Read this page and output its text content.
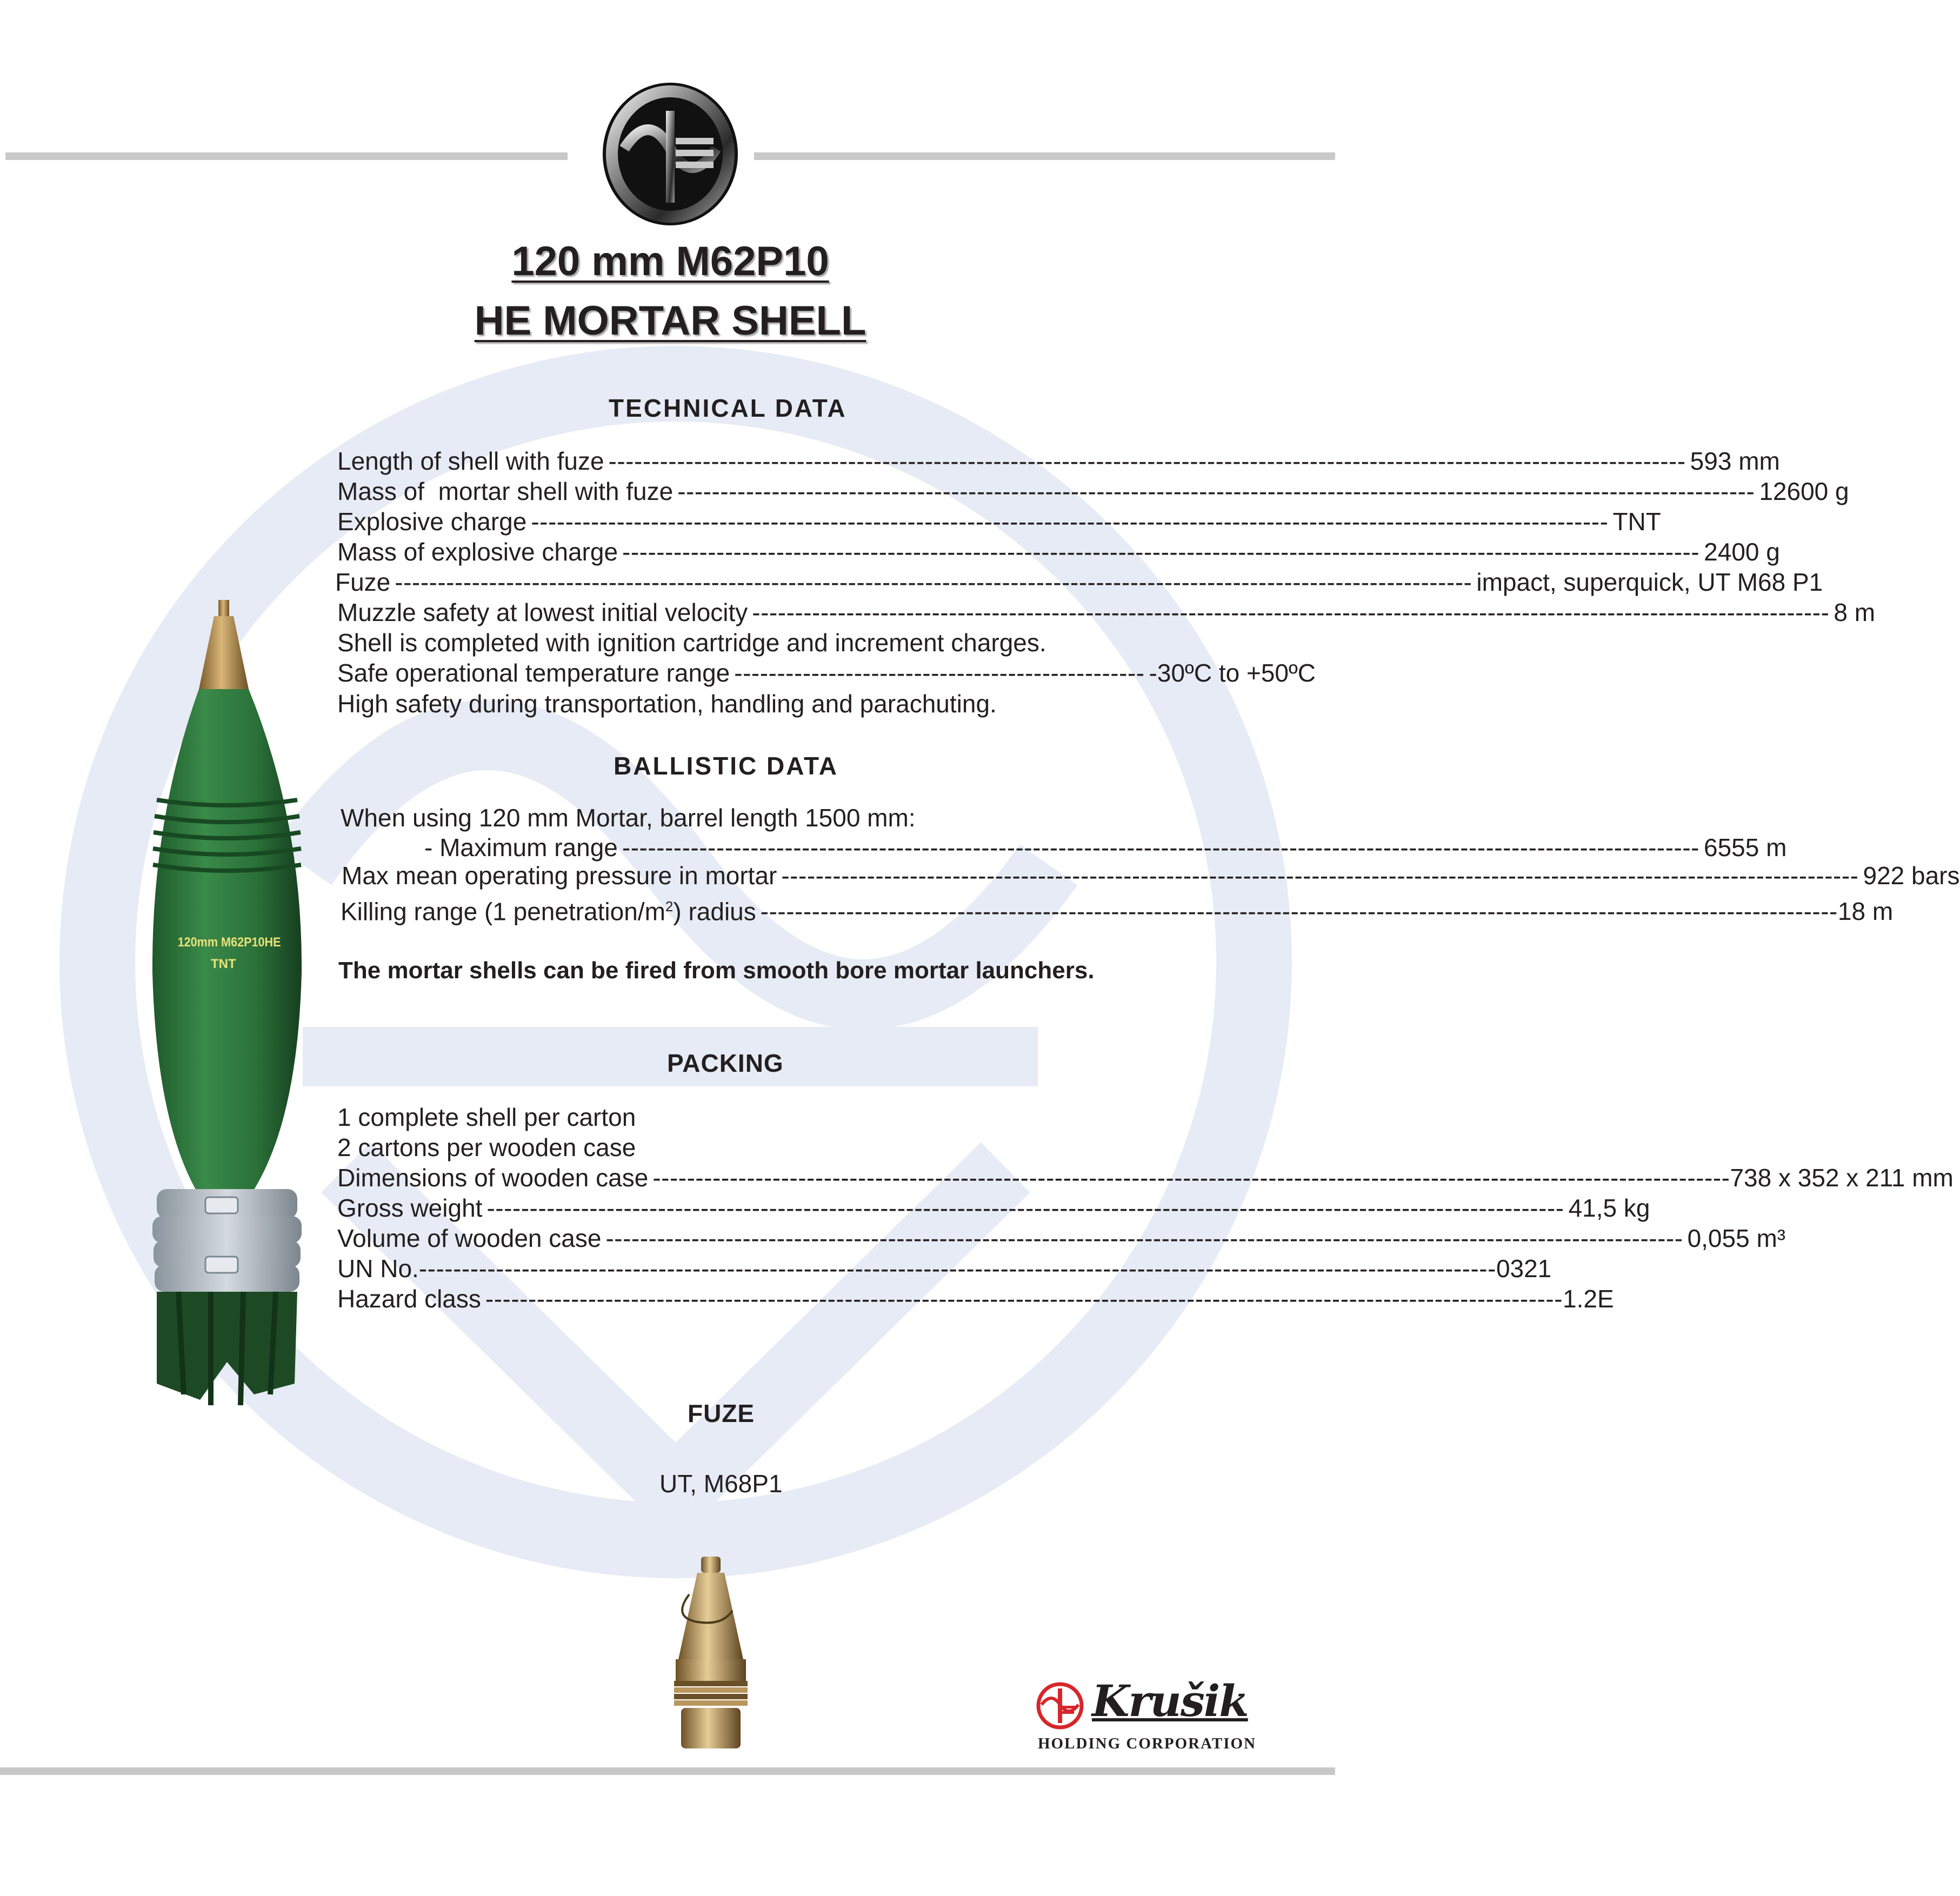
120 mm M62P10
HE MORTAR SHELL
TECHNICAL DATA
Length of shell with fuze ------------------------------------------------------------------------------------------------------------------------------ 593 mm
Mass of  mortar shell with fuze ------------------------------------------------------------------------------------------------------------------------------ 12600 g
Explosive charge ------------------------------------------------------------------------------------------------------------------------------ TNT
Mass of explosive charge ------------------------------------------------------------------------------------------------------------------------------ 2400 g
Fuze ------------------------------------------------------------------------------------------------------------------------------ impact, superquick, UT M68 P1
Muzzle safety at lowest initial velocity ------------------------------------------------------------------------------------------------------------------------------ 8 m
Shell is completed with ignition cartridge and increment charges.
Safe operational temperature range ------------------------------------------------ -30ºC to +50ºC
High safety during transportation, handling and parachuting.
BALLISTIC DATA
When using 120 mm Mortar, barrel length 1500 mm:
- Maximum range ------------------------------------------------------------------------------------------------------------------------------ 6555 m
Max mean operating pressure in mortar ------------------------------------------------------------------------------------------------------------------------------ 922 bars
Killing range (1 penetration/$m^2$) radius ------------------------------------------------------------------------------------------------------------------------------ 18 m
The mortar shells can be fired from smooth bore mortar launchers.
PACKING
1 complete shell per carton
2 cartons per wooden case
Dimensions of wooden case ------------------------------------------------------------------------------------------------------------------------------ 738 x 352 x 211 mm
Gross weight ------------------------------------------------------------------------------------------------------------------------------ 41,5 kg
Volume of wooden case ------------------------------------------------------------------------------------------------------------------------------ 0,055 m³
UN No. ------------------------------------------------------------------------------------------------------------------------------ 0321
Hazard class ------------------------------------------------------------------------------------------------------------------------------ 1.2E
FUZE
UT, M68P1
120mm M62P10HE
TNT
Krušik
HOLDING CORPORATION
